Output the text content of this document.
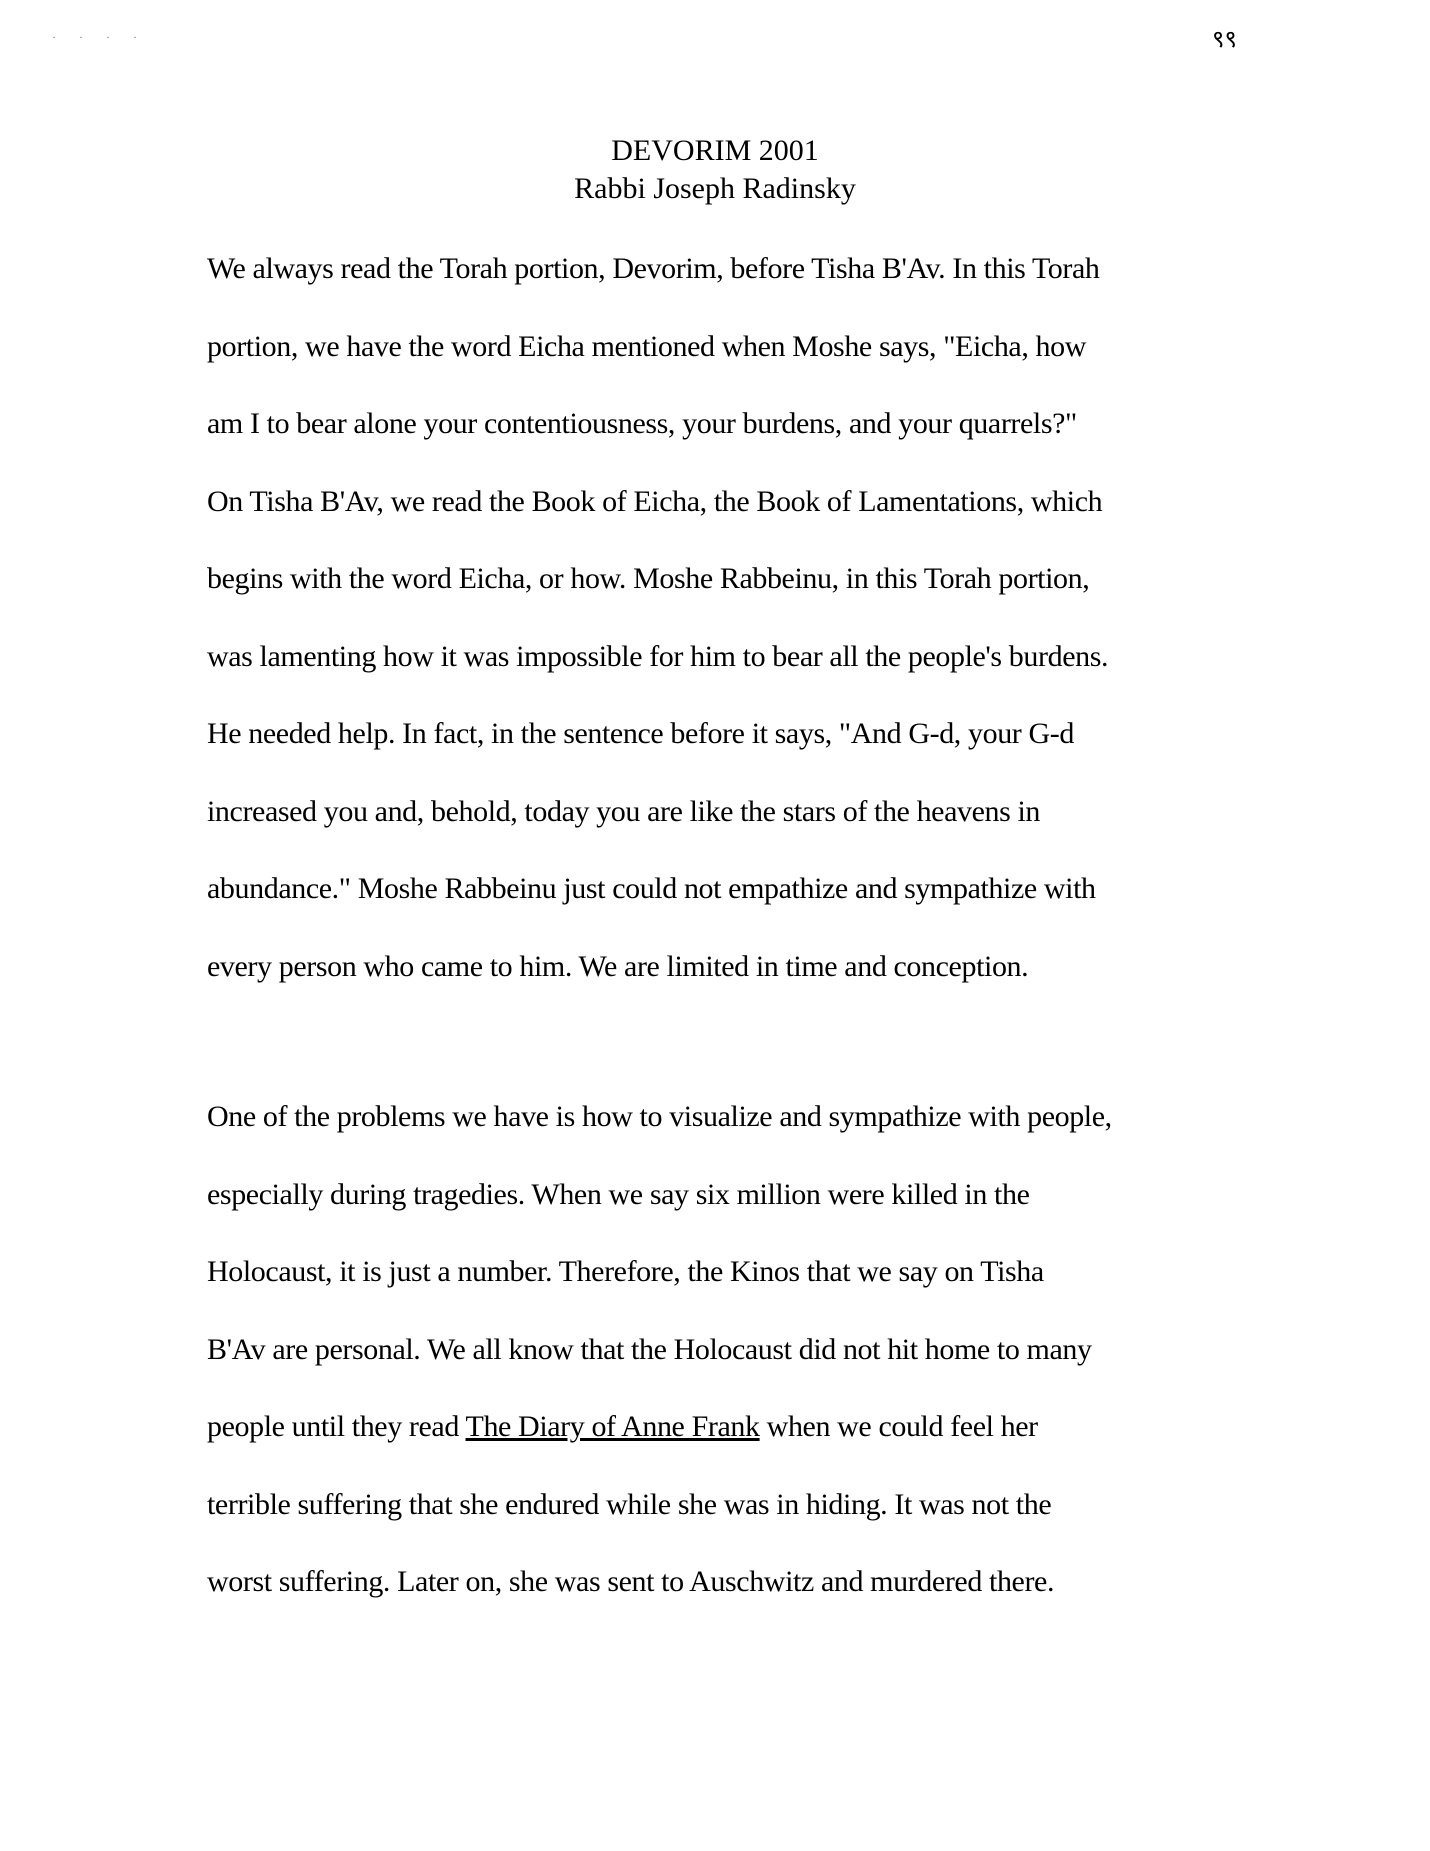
· · · ·	९९
DEVORIM 2001
Rabbi Joseph Radinsky
We always read the Torah portion, Devorim, before Tisha B'Av. In this Torah
portion, we have the word Eicha mentioned when Moshe says, "Eicha, how
am I to bear alone your contentiousness, your burdens, and your quarrels?"
On Tisha B'Av, we read the Book of Eicha, the Book of Lamentations, which
begins with the word Eicha, or how. Moshe Rabbeinu, in this Torah portion,
was lamenting how it was impossible for him to bear all the people's burdens.
He needed help. In fact, in the sentence before it says, "And G-d, your G-d
increased you and, behold, today you are like the stars of the heavens in
abundance." Moshe Rabbeinu just could not empathize and sympathize with
every person who came to him. We are limited in time and conception.
One of the problems we have is how to visualize and sympathize with people,
especially during tragedies. When we say six million were killed in the
Holocaust, it is just a number. Therefore, the Kinos that we say on Tisha
B'Av are personal. We all know that the Holocaust did not hit home to many
people until they read The Diary of Anne Frank when we could feel her
terrible suffering that she endured while she was in hiding. It was not the
worst suffering. Later on, she was sent to Auschwitz and murdered there.
